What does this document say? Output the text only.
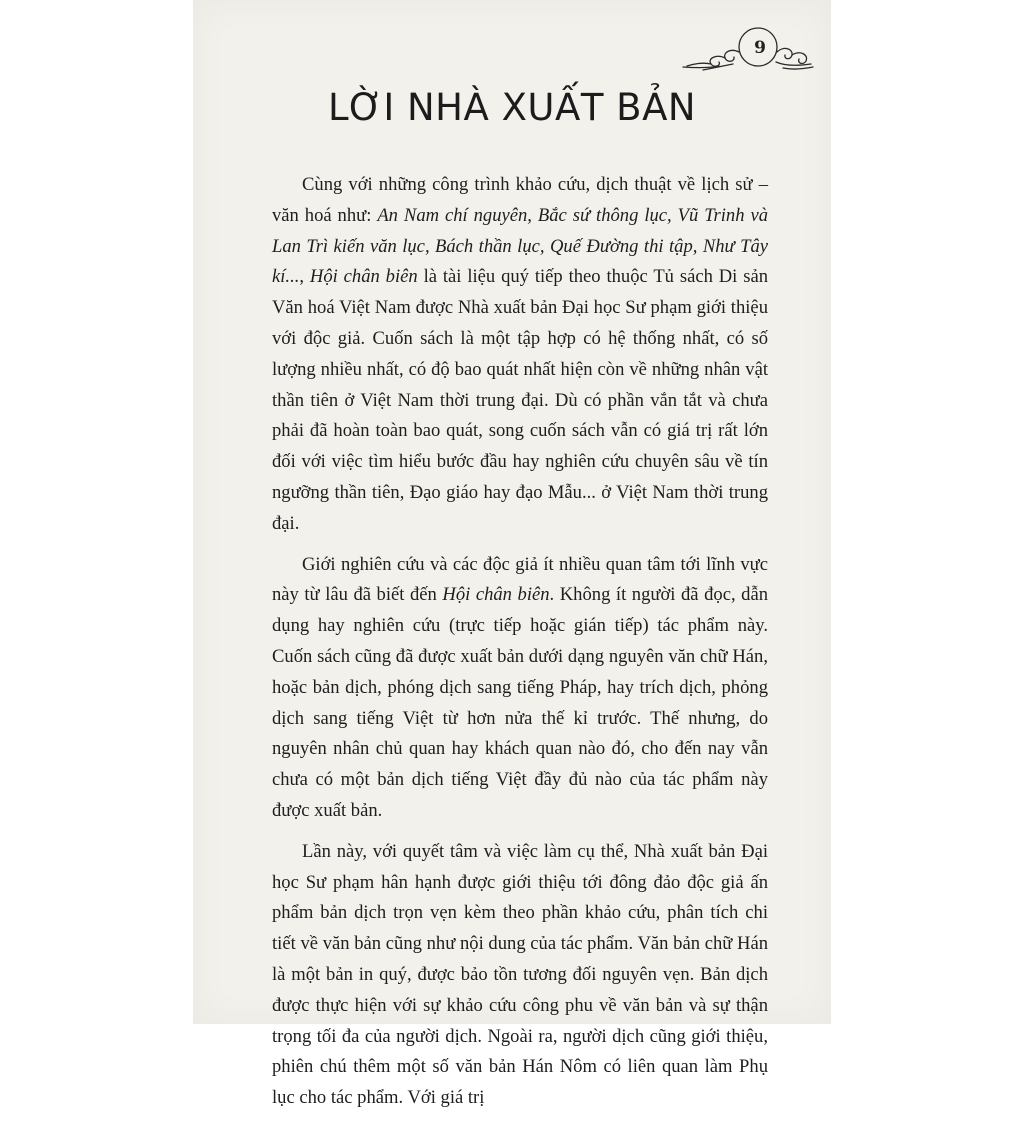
9
LỜI NHÀ XUẤT BẢN

Cùng với những công trình khảo cứu, dịch thuật về lịch sử – văn hoá như: An Nam chí nguyên, Bắc sứ thông lục, Vũ Trinh và Lan Trì kiến văn lục, Bách thần lục, Quế Đường thi tập, Như Tây kí..., Hội chân biên là tài liệu quý tiếp theo thuộc Tủ sách Di sản Văn hoá Việt Nam được Nhà xuất bản Đại học Sư phạm giới thiệu với độc giả. Cuốn sách là một tập hợp có hệ thống nhất, có số lượng nhiều nhất, có độ bao quát nhất hiện còn về những nhân vật thần tiên ở Việt Nam thời trung đại. Dù có phần vắn tắt và chưa phải đã hoàn toàn bao quát, song cuốn sách vẫn có giá trị rất lớn đối với việc tìm hiểu bước đầu hay nghiên cứu chuyên sâu về tín ngưỡng thần tiên, Đạo giáo hay đạo Mẫu... ở Việt Nam thời trung đại.

Giới nghiên cứu và các độc giả ít nhiều quan tâm tới lĩnh vực này từ lâu đã biết đến Hội chân biên. Không ít người đã đọc, dẫn dụng hay nghiên cứu (trực tiếp hoặc gián tiếp) tác phẩm này. Cuốn sách cũng đã được xuất bản dưới dạng nguyên văn chữ Hán, hoặc bản dịch, phóng dịch sang tiếng Pháp, hay trích dịch, phỏng dịch sang tiếng Việt từ hơn nửa thế kỉ trước. Thế nhưng, do nguyên nhân chủ quan hay khách quan nào đó, cho đến nay vẫn chưa có một bản dịch tiếng Việt đầy đủ nào của tác phẩm này được xuất bản.

Lần này, với quyết tâm và việc làm cụ thể, Nhà xuất bản Đại học Sư phạm hân hạnh được giới thiệu tới đông đảo độc giả ấn phẩm bản dịch trọn vẹn kèm theo phần khảo cứu, phân tích chi tiết về văn bản cũng như nội dung của tác phẩm. Văn bản chữ Hán là một bản in quý, được bảo tồn tương đối nguyên vẹn. Bản dịch được thực hiện với sự khảo cứu công phu về văn bản và sự thận trọng tối đa của người dịch. Ngoài ra, người dịch cũng giới thiệu, phiên chú thêm một số văn bản Hán Nôm có liên quan làm Phụ lục cho tác phẩm. Với giá trị
